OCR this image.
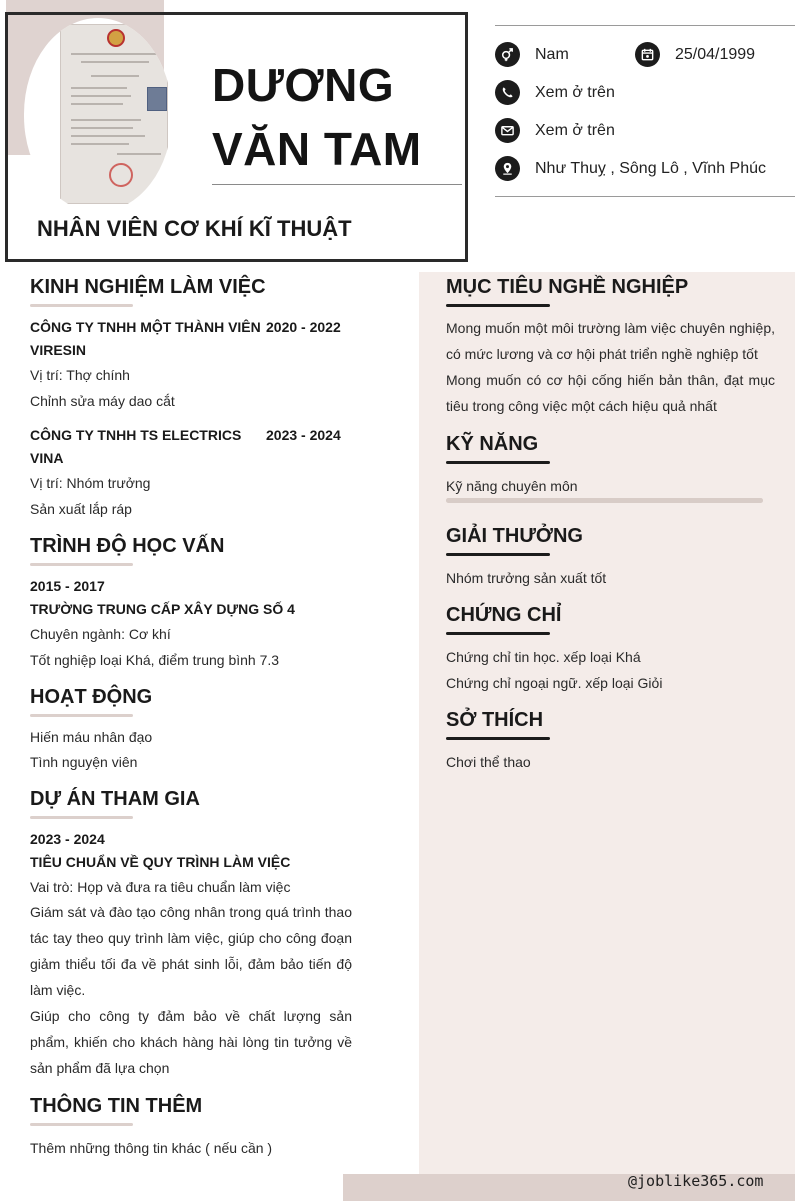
DƯƠNG
VĂN TAM
NHÂN VIÊN CƠ KHÍ KĨ THUẬT
Nam	25/04/1999
Xem ở trên
Xem ở trên
Như Thuỵ , Sông Lô , Vĩnh Phúc
KINH NGHIỆM LÀM VIỆC
CÔNG TY TNHH MỘT THÀNH VIÊN 2020 - 2022
VIRESIN
Vị trí: Thợ chính
Chỉnh sửa máy dao cắt
CÔNG TY TNHH TS ELECTRICS 2023 - 2024
VINA
Vị trí: Nhóm trưởng
Sản xuất lắp ráp
TRÌNH ĐỘ HỌC VẤN
2015 - 2017
TRƯỜNG TRUNG CẤP XÂY DỰNG SỐ 4
Chuyên ngành: Cơ khí
Tốt nghiệp loại Khá, điểm trung bình 7.3
HOẠT ĐỘNG
Hiến máu nhân đạo
Tình nguyện viên
DỰ ÁN THAM GIA
2023 - 2024
TIÊU CHUẨN VỀ QUY TRÌNH LÀM VIỆC
Vai trò: Họp và đưa ra tiêu chuẩn làm việc
Giám sát và đào tạo công nhân trong quá trình thao tác tay theo quy trình làm việc, giúp cho công đoạn giảm thiểu tối đa về phát sinh lỗi, đảm bảo tiến độ làm việc.
Giúp cho công ty đảm bảo về chất lượng sản phẩm, khiến cho khách hàng hài lòng tin tưởng về sản phẩm đã lựa chọn
THÔNG TIN THÊM
Thêm những thông tin khác ( nếu cần )
MỤC TIÊU NGHỀ NGHIỆP
Mong muốn một môi trường làm việc chuyên nghiệp, có mức lương và cơ hội phát triển nghề nghiệp tốt
Mong muốn có cơ hội cống hiến bản thân, đạt mục tiêu trong công việc một cách hiệu quả nhất
KỸ NĂNG
Kỹ năng chuyên môn
GIẢI THƯỞNG
Nhóm trưởng sản xuất tốt
CHỨNG CHỈ
Chứng chỉ tin học. xếp loại Khá
Chứng chỉ ngoại ngữ. xếp loại Giỏi
SỞ THÍCH
Chơi thể thao
@joblike365.com
